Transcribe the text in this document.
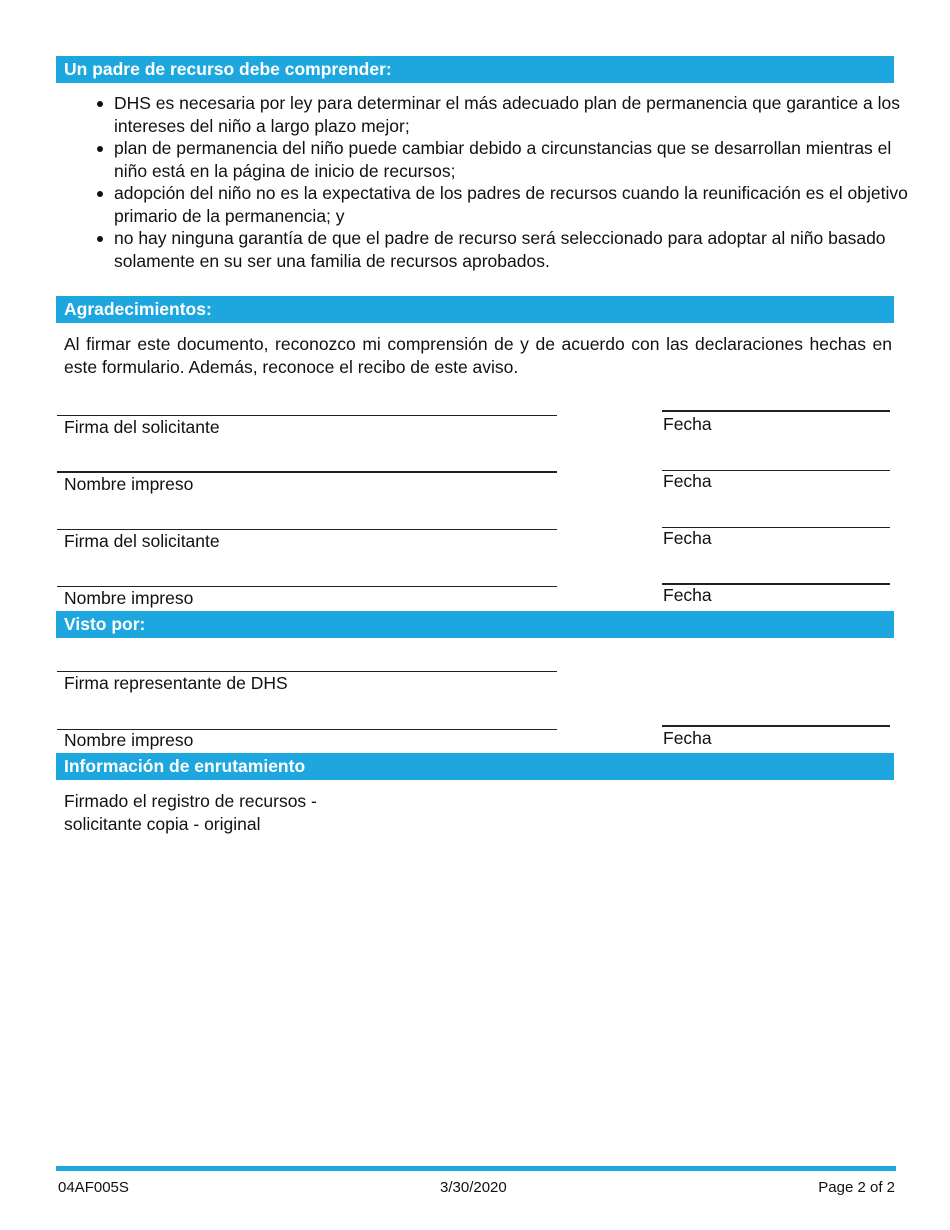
Un padre de recurso debe comprender:
DHS es necesaria por ley para determinar el más adecuado plan de permanencia que garantice a los intereses del niño a largo plazo mejor;
plan de permanencia del niño puede cambiar debido a circunstancias que se desarrollan mientras el niño está en la página de inicio de recursos;
adopción del niño no es la expectativa de los padres de recursos cuando la reunificación es el objetivo primario de la permanencia; y
no hay ninguna garantía de que el padre de recurso será seleccionado para adoptar al niño basado solamente en su ser una familia de recursos aprobados.
Agradecimientos:

Al firmar este documento, reconozco mi comprensión de y de acuerdo con las declaraciones hechas en este formulario. Además, reconoce el recibo de este aviso.

Firma del solicitante	Fecha

Nombre impreso	Fecha

Firma del solicitante	Fecha

Nombre impreso	Fecha

Visto por:

Firma representante de DHS

Nombre impreso	Fecha

Información de enrutamiento
Firmado el registro de recursos -
solicitante copia - original

04AF005S	3/30/2020	Page 2 of 2
